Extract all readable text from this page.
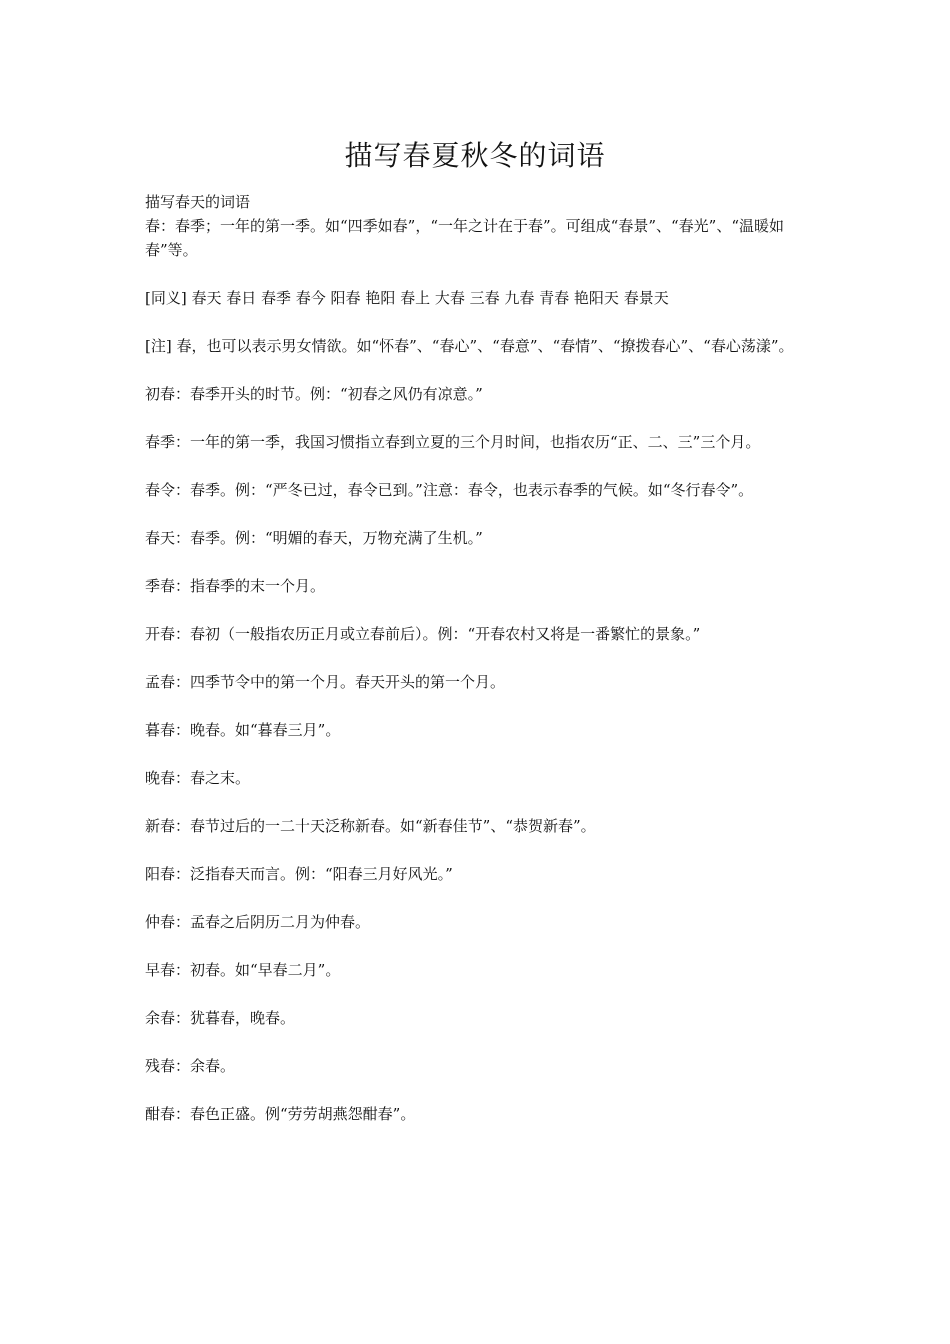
描写春夏秋冬的词语

描写春天的词语

春：春季；一年的第一季。如“四季如春”，“一年之计在于春”。可组成“春景”、“春光”、“温暖如春”等。

[同义] 春天 春日 春季 春今 阳春 艳阳 春上 大春 三春 九春 青春 艳阳天 春景天

[注] 春，也可以表示男女情欲。如“怀春”、“春心”、“春意”、“春情”、“撩拨春心”、“春心荡漾”。

初春：春季开头的时节。例：“初春之风仍有凉意。”

春季：一年的第一季，我国习惯指立春到立夏的三个月时间，也指农历“正、二、三”三个月。

春令：春季。例：“严冬已过，春令已到。”注意：春令，也表示春季的气候。如“冬行春令”。

春天：春季。例：“明媚的春天，万物充满了生机。”

季春：指春季的末一个月。

开春：春初（一般指农历正月或立春前后）。例：“开春农村又将是一番繁忙的景象。”

孟春：四季节令中的第一个月。春天开头的第一个月。

暮春：晚春。如“暮春三月”。

晚春：春之末。

新春：春节过后的一二十天泛称新春。如“新春佳节”、“恭贺新春”。

阳春：泛指春天而言。例：“阳春三月好风光。”

仲春：孟春之后阴历二月为仲春。

早春：初春。如“早春二月”。

余春：犹暮春，晚春。

残春：余春。

酣春：春色正盛。例“劳劳胡燕怨酣春”。
